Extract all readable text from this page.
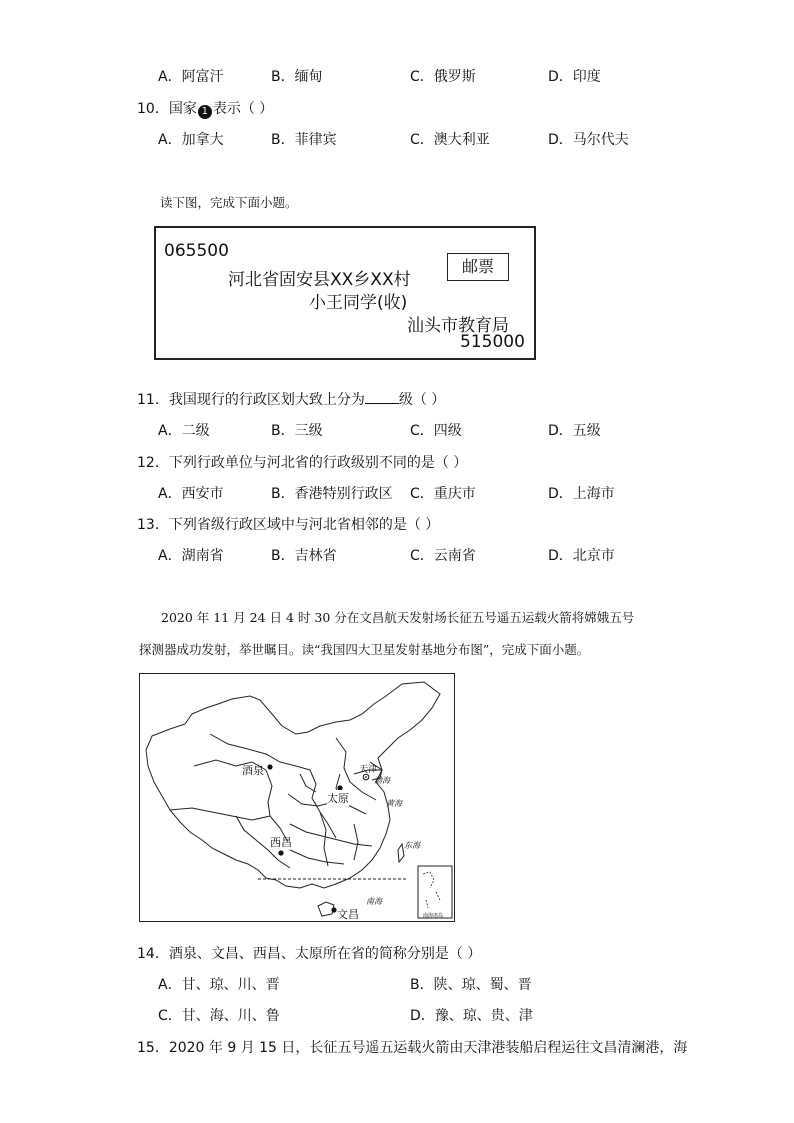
A．阿富汗	B．缅甸	C．俄罗斯	D．印度
10．国家 1 表示（ ）
A．加拿大	B．菲律宾	C．澳大利亚	D．马尔代夫
读下图，完成下面小题。
065500
河北省固安县XX乡XX村
小王同学(收)
汕头市教育局
515000
邮票
11．我国现行的行政区划大致上分为 级（ ）
A．二级	B．三级	C．四级	D．五级
12．下列行政单位与河北省的行政级别不同的是（ ）
A．西安市	B．香港特别行政区 C．重庆市	D．上海市
13．下列省级行政区域中与河北省相邻的是（ ）
A．湖南省	B．吉林省	C．云南省	D．北京市
2020 年 11 月 24 日 4 时 30 分在文昌航天发射场长征五号遥五运载火箭将嫦娥五号
探测器成功发射，举世瞩目。读“我国四大卫星发射基地分布图”，完成下面小题。
酒泉
太原
西昌
文昌
天津
渤海
黄海
东海
南海
南海诸岛
14．酒泉、文昌、西昌、太原所在省的简称分别是（ ）
A．甘、琼、川、晋	B．陕、琼、蜀、晋
C．甘、海、川、鲁	D．豫、琼、贵、津
15．2020 年 9 月 15 日，长征五号遥五运载火箭由天津港装船启程运往文昌清澜港，海
